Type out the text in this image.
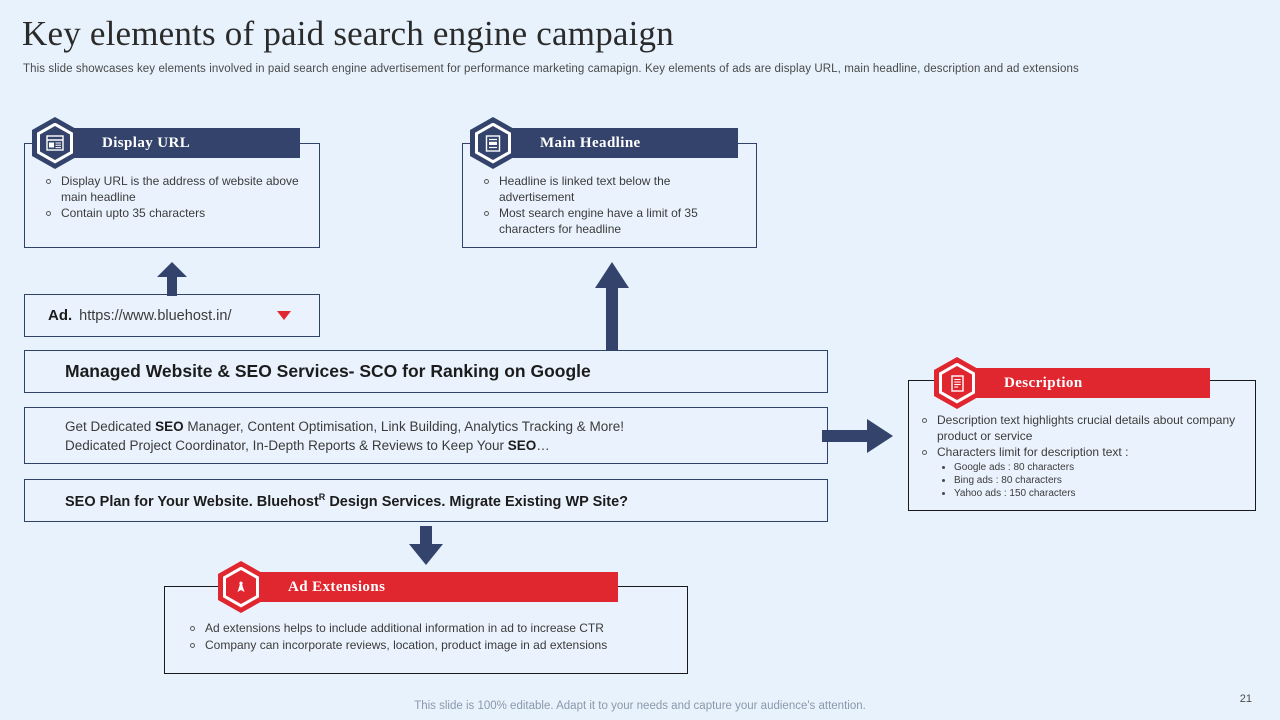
Key elements of paid search engine campaign
This slide showcases key elements involved in paid search engine advertisement for performance marketing camapign. Key elements of ads are display URL, main headline, description and ad extensions
Display URL
Display URL is the address of website above main headline
Contain upto 35 characters
Main Headline
Headline is linked text below the advertisement
Most search engine have a limit of 35 characters for headline
Description
Description text highlights crucial details about company product or service
Characters limit for description text :
Google ads : 80 characters
Bing ads : 80 characters
Yahoo ads : 150 characters
Ad Extensions
Ad extensions helps to include additional information in ad to increase CTR
Company can incorporate reviews, location, product image in ad extensions
Ad. https://www.bluehost.in/
Managed Website & SEO Services- SCO for Ranking on Google
Get Dedicated SEO Manager, Content Optimisation, Link Building, Analytics Tracking & More!
Dedicated Project Coordinator, In-Depth Reports & Reviews to Keep Your SEO…
SEO Plan for Your Website. Bluehost$^R$ Design Services. Migrate Existing WP Site?
This slide is 100% editable. Adapt it to your needs and capture your audience's attention.
21
